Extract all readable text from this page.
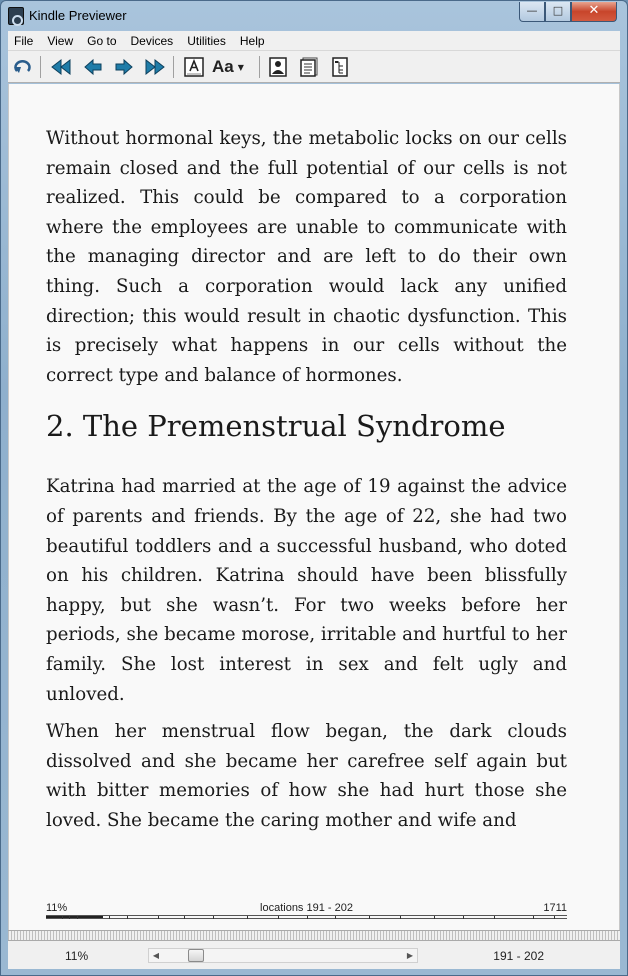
Kindle Previewer	—	□	✕
File View Go to Devices Utilities Help
Aa ▼

Without hormonal keys, the metabolic locks on our cells remain closed and the full potential of our cells is not realized. This could be compared to a corporation where the employees are unable to communicate with the managing director and are left to do their own thing. Such a corporation would lack any unified direction; this would result in chaotic dysfunction. This is precisely what happens in our cells without the correct type and balance of hormones.

2. The Premenstrual Syndrome

Katrina had married at the age of 19 against the advice of parents and friends. By the age of 22, she had two beautiful toddlers and a successful husband, who doted on his children. Katrina should have been blissfully happy, but she wasn’t. For two weeks before her periods, she became morose, irritable and hurtful to her family. She lost interest in sex and felt ugly and unloved.

When her menstrual flow began, the dark clouds dissolved and she became her carefree self again but with bitter memories of how she had hurt those she loved. She became the caring mother and wife and

11%	locations 191 - 202	1711
11%	◀	▶	191 - 202
